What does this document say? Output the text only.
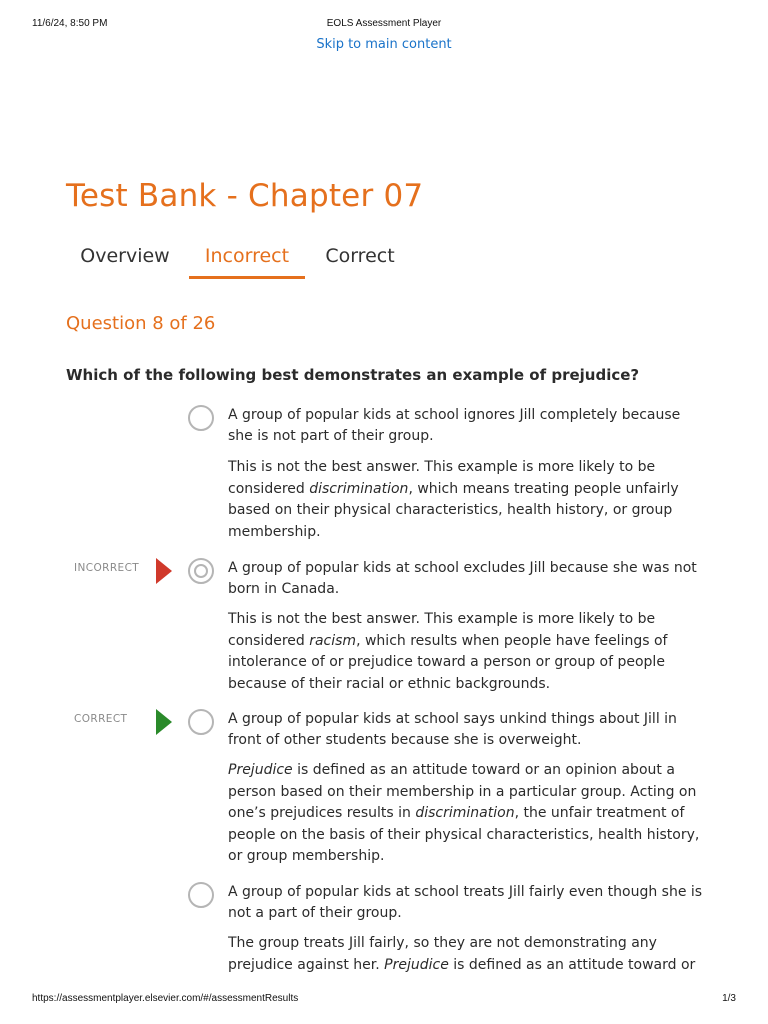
11/6/24, 8:50 PM	EOLS Assessment Player
Skip to main content
Test Bank - Chapter 07
Overview	Incorrect	Correct
Question 8 of 26
Which of the following best demonstrates an example of prejudice?
A group of popular kids at school ignores Jill completely because she is not part of their group.
This is not the best answer. This example is more likely to be considered discrimination, which means treating people unfairly based on their physical characteristics, health history, or group membership.
INCORRECT	A group of popular kids at school excludes Jill because she was not born in Canada.
This is not the best answer. This example is more likely to be considered racism, which results when people have feelings of intolerance of or prejudice toward a person or group of people because of their racial or ethnic backgrounds.
CORRECT	A group of popular kids at school says unkind things about Jill in front of other students because she is overweight.
Prejudice is defined as an attitude toward or an opinion about a person based on their membership in a particular group. Acting on one’s prejudices results in discrimination, the unfair treatment of people on the basis of their physical characteristics, health history, or group membership.
A group of popular kids at school treats Jill fairly even though she is not a part of their group.
The group treats Jill fairly, so they are not demonstrating any prejudice against her. Prejudice is defined as an attitude toward or
https://assessmentplayer.elsevier.com/#/assessmentResults	1/3
